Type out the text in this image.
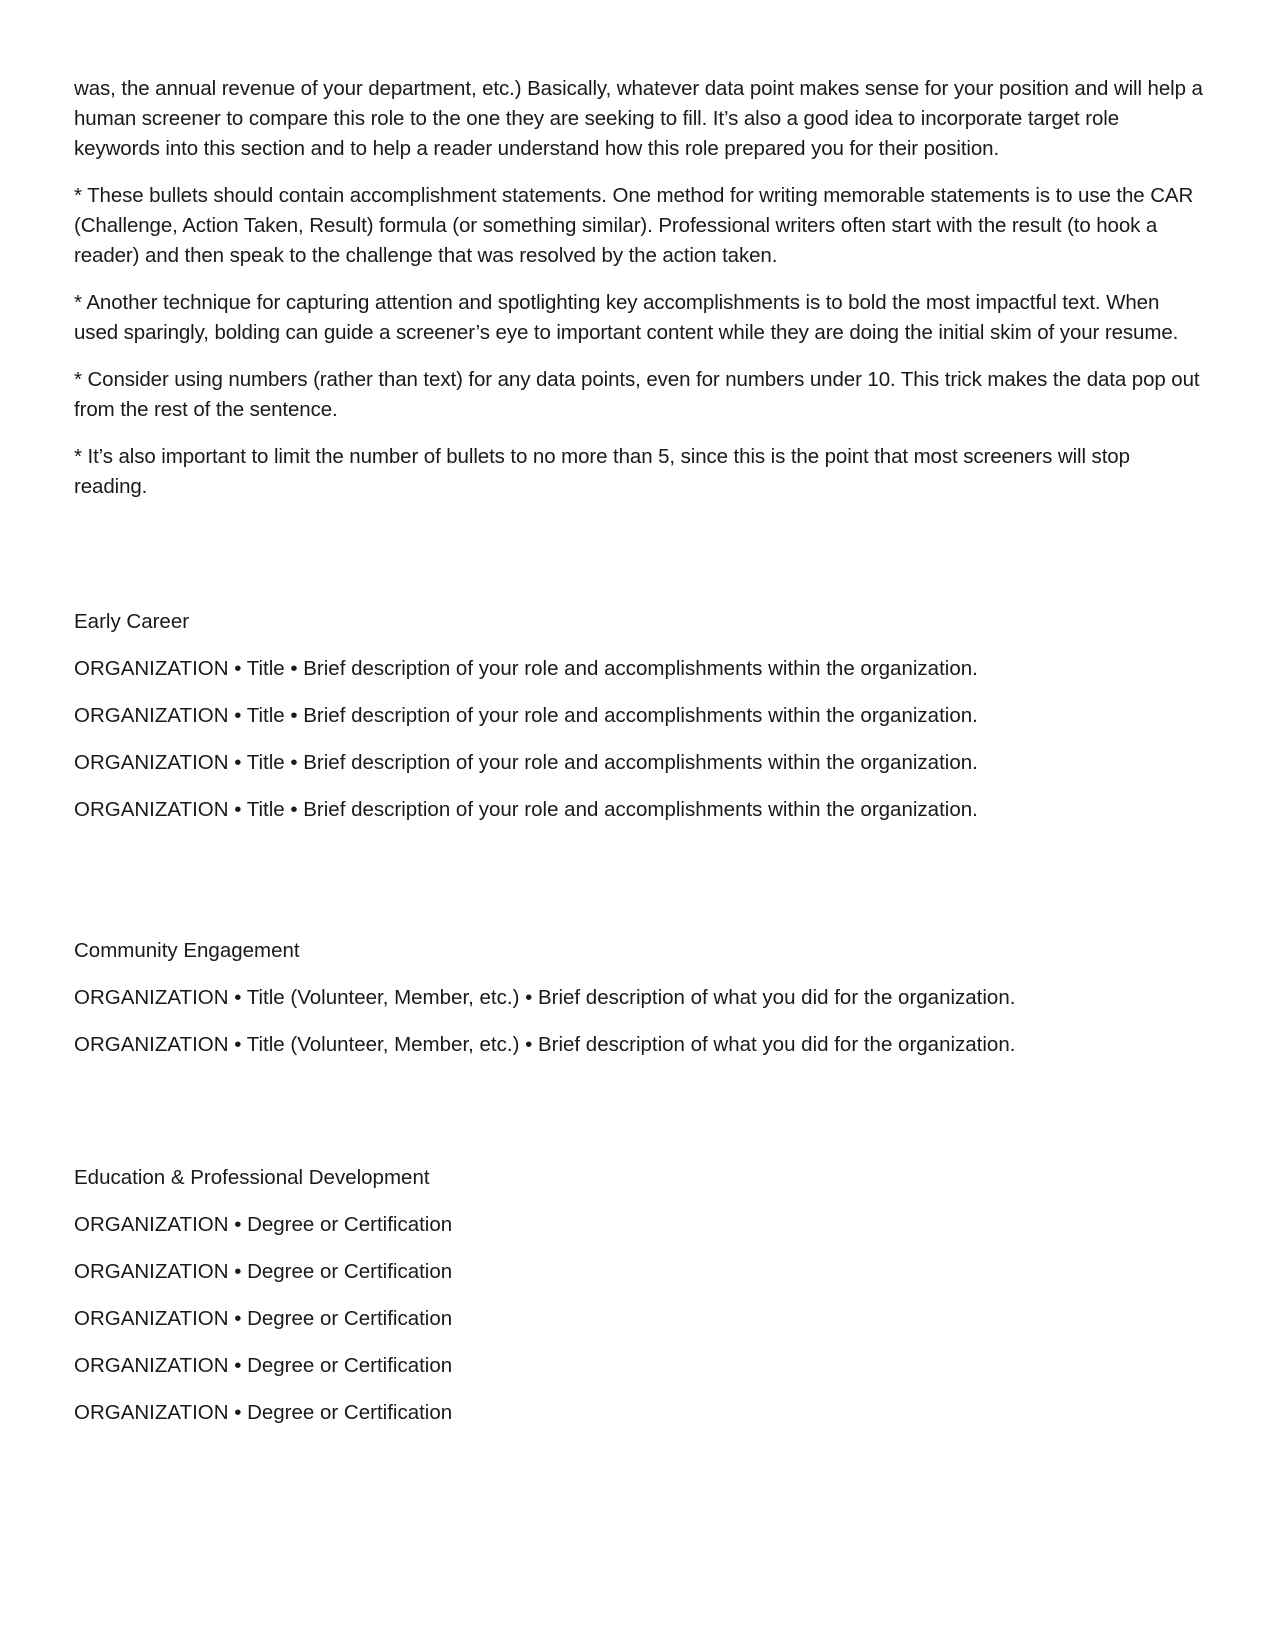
was, the annual revenue of your department, etc.) Basically, whatever data point makes sense for your position and will help a human screener to compare this role to the one they are seeking to fill. It’s also a good idea to incorporate target role keywords into this section and to help a reader understand how this role prepared you for their position.

* These bullets should contain accomplishment statements. One method for writing memorable statements is to use the CAR (Challenge, Action Taken, Result) formula (or something similar). Professional writers often start with the result (to hook a reader) and then speak to the challenge that was resolved by the action taken.

* Another technique for capturing attention and spotlighting key accomplishments is to bold the most impactful text. When used sparingly, bolding can guide a screener’s eye to important content while they are doing the initial skim of your resume.

* Consider using numbers (rather than text) for any data points, even for numbers under 10. This trick makes the data pop out from the rest of the sentence.

* It’s also important to limit the number of bullets to no more than 5, since this is the point that most screeners will stop reading.

Early Career
ORGANIZATION • Title • Brief description of your role and accomplishments within the organization.
ORGANIZATION • Title • Brief description of your role and accomplishments within the organization.
ORGANIZATION • Title • Brief description of your role and accomplishments within the organization.
ORGANIZATION • Title • Brief description of your role and accomplishments within the organization.
Community Engagement
ORGANIZATION • Title (Volunteer, Member, etc.) • Brief description of what you did for the organization.
ORGANIZATION • Title (Volunteer, Member, etc.) • Brief description of what you did for the organization.
Education & Professional Development
ORGANIZATION • Degree or Certification
ORGANIZATION • Degree or Certification
ORGANIZATION • Degree or Certification
ORGANIZATION • Degree or Certification
ORGANIZATION • Degree or Certification
